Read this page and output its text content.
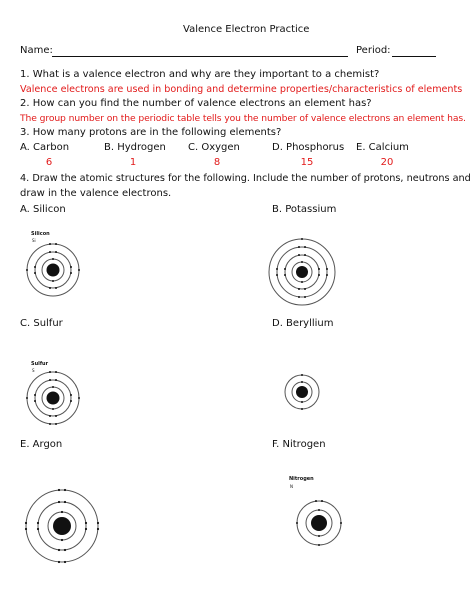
Valence Electron Practice
Name:	Period:
1. What is a valence electron and why are they important to a chemist?
Valence electrons are used in bonding and determine properties/characteristics of elements
2. How can you find the number of valence electrons an element has?
The group number on the periodic table tells you the number of valence electrons an element has.
3. How many protons are in the following elements?
A. Carbon	B. Hydrogen C. Oxygen	D. Phosphorus E. Calcium
6	1	8	15	20
4. Draw the atomic structures for the following. Include the number of protons, neutrons and
draw in the valence electrons.
A. Silicon	B. Potassium
C. Sulfur	D. Beryllium
E. Argon	F. Nitrogen
Silicon
Si
Sulfur
S
Nitrogen
N
